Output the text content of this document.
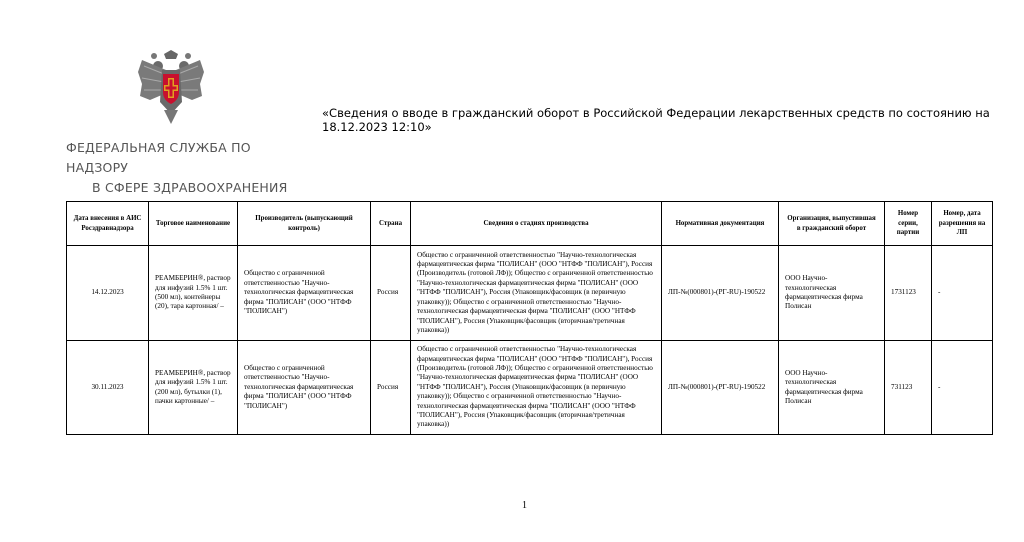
ФЕДЕРАЛЬНАЯ СЛУЖБА ПО НАДЗОРУ
В СФЕРЕ ЗДРАВООХРАНЕНИЯ
«Сведения о вводе в гражданский оборот в Российской Федерации лекарственных средств по состоянию на 18.12.2023 12:10»
Дата внесения в АИС Росздравнадзора	Торговое наименование	Производитель (выпускающий контроль)	Страна	Сведения о стадиях производства	Нормативная документация	Организация, выпустившая в гражданский оборот	Номер серии, партии	Номер, дата разрешения на ЛП
14.12.2023	РЕАМБЕРИН®, раствор для инфузий 1.5% 1 шт. (500 мл), контейнеры (20), тара картонная/ –	Общество с ограниченной ответственностью "Научно-технологическая фармацевтическая фирма "ПОЛИСАН" (ООО "НТФФ "ПОЛИСАН")	Россия	Общество с ограниченной ответственностью "Научно-технологическая фармацевтическая фирма "ПОЛИСАН" (ООО "НТФФ "ПОЛИСАН"), Россия (Производитель (готовой ЛФ)); Общество с ограниченной ответственностью "Научно-технологическая фармацевтическая фирма "ПОЛИСАН" (ООО "НТФФ "ПОЛИСАН"), Россия (Упаковщик/фасовщик (в первичную упаковку)); Общество с ограниченной ответственностью "Научно-технологическая фармацевтическая фирма "ПОЛИСАН" (ООО "НТФФ "ПОЛИСАН"), Россия (Упаковщик/фасовщик (вторичная/третичная упаковка))	ЛП-№(000801)-(РГ-RU)-190522	ООО Научно-технологическая фармацевтическая фирма Полисан	1731123	-
30.11.2023	РЕАМБЕРИН®, раствор для инфузий 1.5% 1 шт. (200 мл), бутылки (1), пачки картонные/ –	Общество с ограниченной ответственностью "Научно-технологическая фармацевтическая фирма "ПОЛИСАН" (ООО "НТФФ "ПОЛИСАН")	Россия	Общество с ограниченной ответственностью "Научно-технологическая фармацевтическая фирма "ПОЛИСАН" (ООО "НТФФ "ПОЛИСАН"), Россия (Производитель (готовой ЛФ)); Общество с ограниченной ответственностью "Научно-технологическая фармацевтическая фирма "ПОЛИСАН" (ООО "НТФФ "ПОЛИСАН"), Россия (Упаковщик/фасовщик (в первичную упаковку)); Общество с ограниченной ответственностью "Научно-технологическая фармацевтическая фирма "ПОЛИСАН" (ООО "НТФФ "ПОЛИСАН"), Россия (Упаковщик/фасовщик (вторичная/третичная упаковка))	ЛП-№(000801)-(РГ-RU)-190522	ООО Научно-технологическая фармацевтическая фирма Полисан	731123	-
1
